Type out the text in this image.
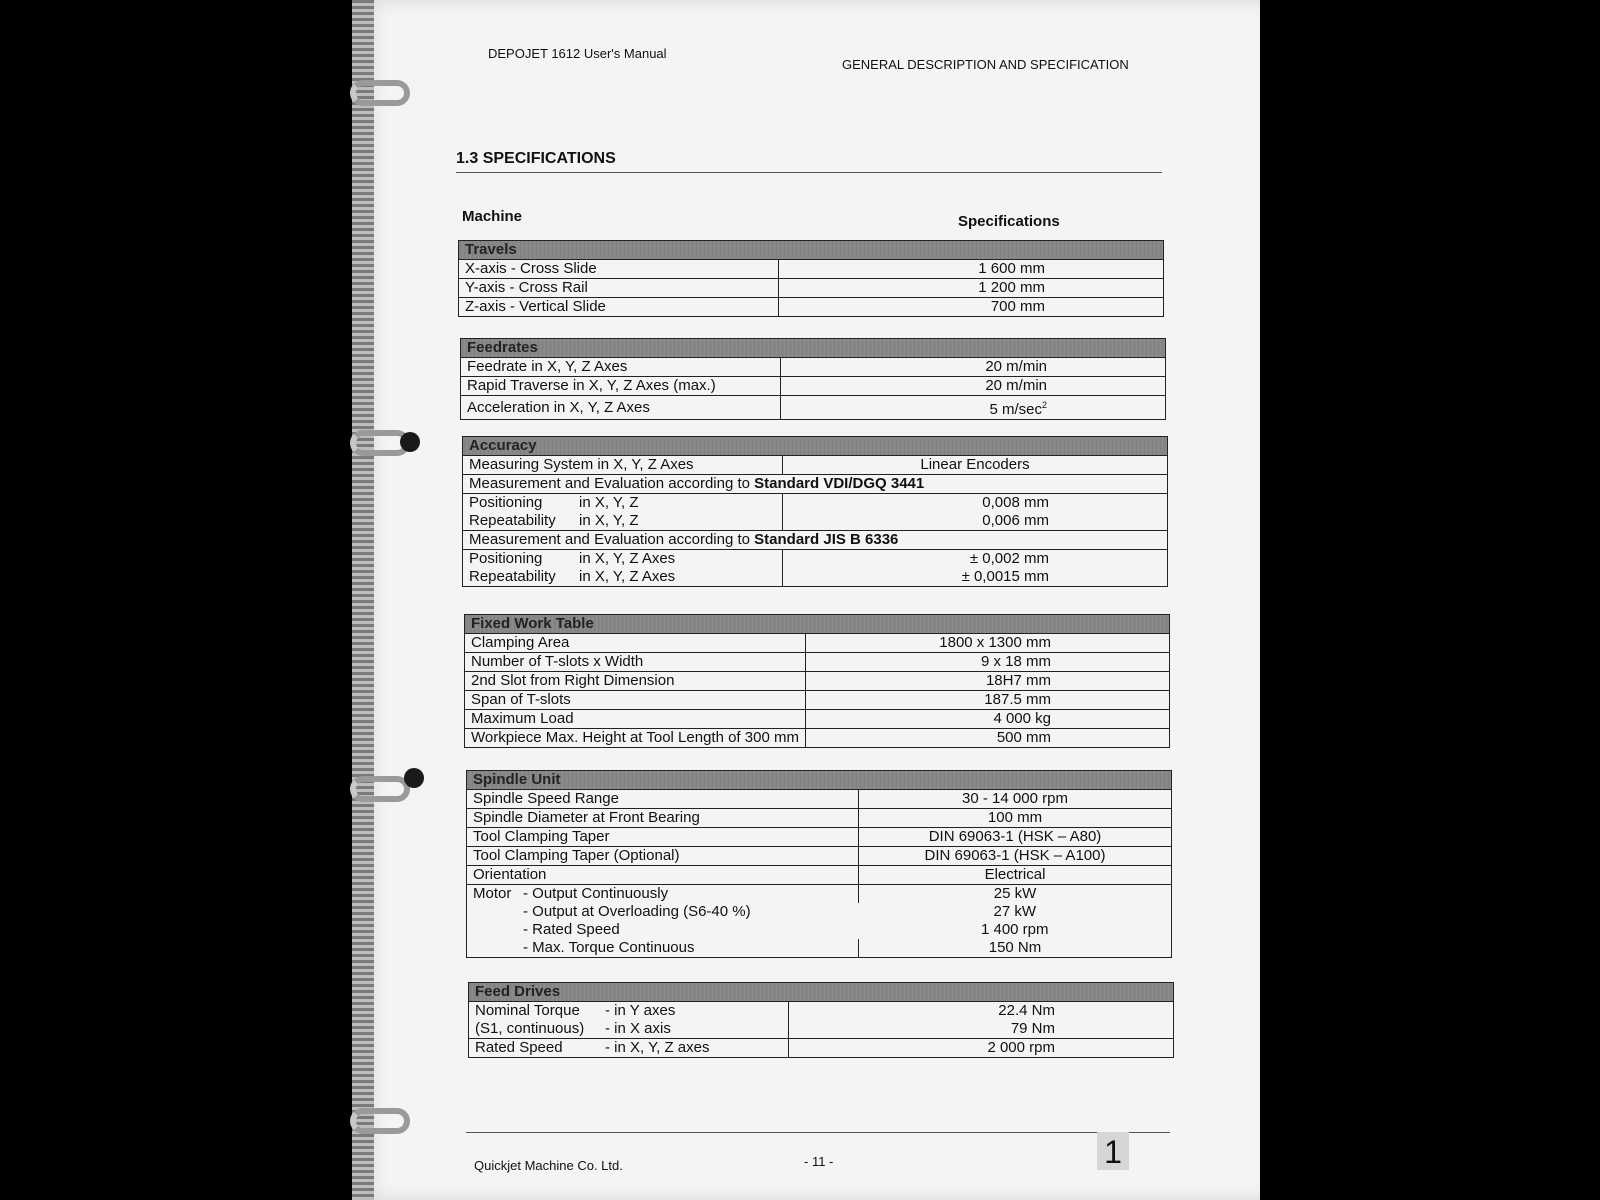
DEPOJET 1612 User's Manual
GENERAL DESCRIPTION AND SPECIFICATION
1.3 SPECIFICATIONS
Machine	Specifications
Travels	
X-axis - Cross Slide	1 600 mm
Y-axis - Cross Rail	1 200 mm
Z-axis - Vertical Slide	700 mm
Feedrates	
Feedrate in X, Y, Z Axes	20 m/min
Rapid Traverse in X, Y, Z Axes (max.)	20 m/min
Acceleration in X, Y, Z Axes	5 $m/\sec^2$
Accuracy	
Measuring System in X, Y, Z Axes	Linear Encoders
Measurement and Evaluation according to Standard VDI/DGQ 3441	
Positioning in X, Y, Z	0,008 mm
Repeatability in X, Y, Z	0,006 mm
Measurement and Evaluation according to Standard JIS B 6336	
Positioning in X, Y, Z Axes	± 0,002 mm
Repeatability in X, Y, Z Axes	± 0,0015 mm
Fixed Work Table	
Clamping Area	1800 x 1300 mm
Number of T-slots x Width	9 x 18 mm
2nd Slot from Right Dimension	18H7 mm
Span of T-slots	187.5 mm
Maximum Load	4 000 kg
Workpiece Max. Height at Tool Length of 300 mm	500 mm
Spindle Unit	
Spindle Speed Range	30 - 14 000 rpm
Spindle Diameter at Front Bearing	100 mm
Tool Clamping Taper	DIN 69063-1 (HSK – A80)
Tool Clamping Taper (Optional)	DIN 69063-1 (HSK – A100)
Orientation	Electrical
Motor - Output Continuously	25 kW
- Output at Overloading (S6-40 %)	27 kW
- Rated Speed	1 400 rpm
- Max. Torque Continuous	150 Nm
Feed Drives	
Nominal Torque - in Y axes	22.4 Nm
(S1, continuous) - in X axis	79 Nm
Rated Speed - in X, Y, Z axes	2 000 rpm
Quickjet Machine Co. Ltd.	- 11 -	1
